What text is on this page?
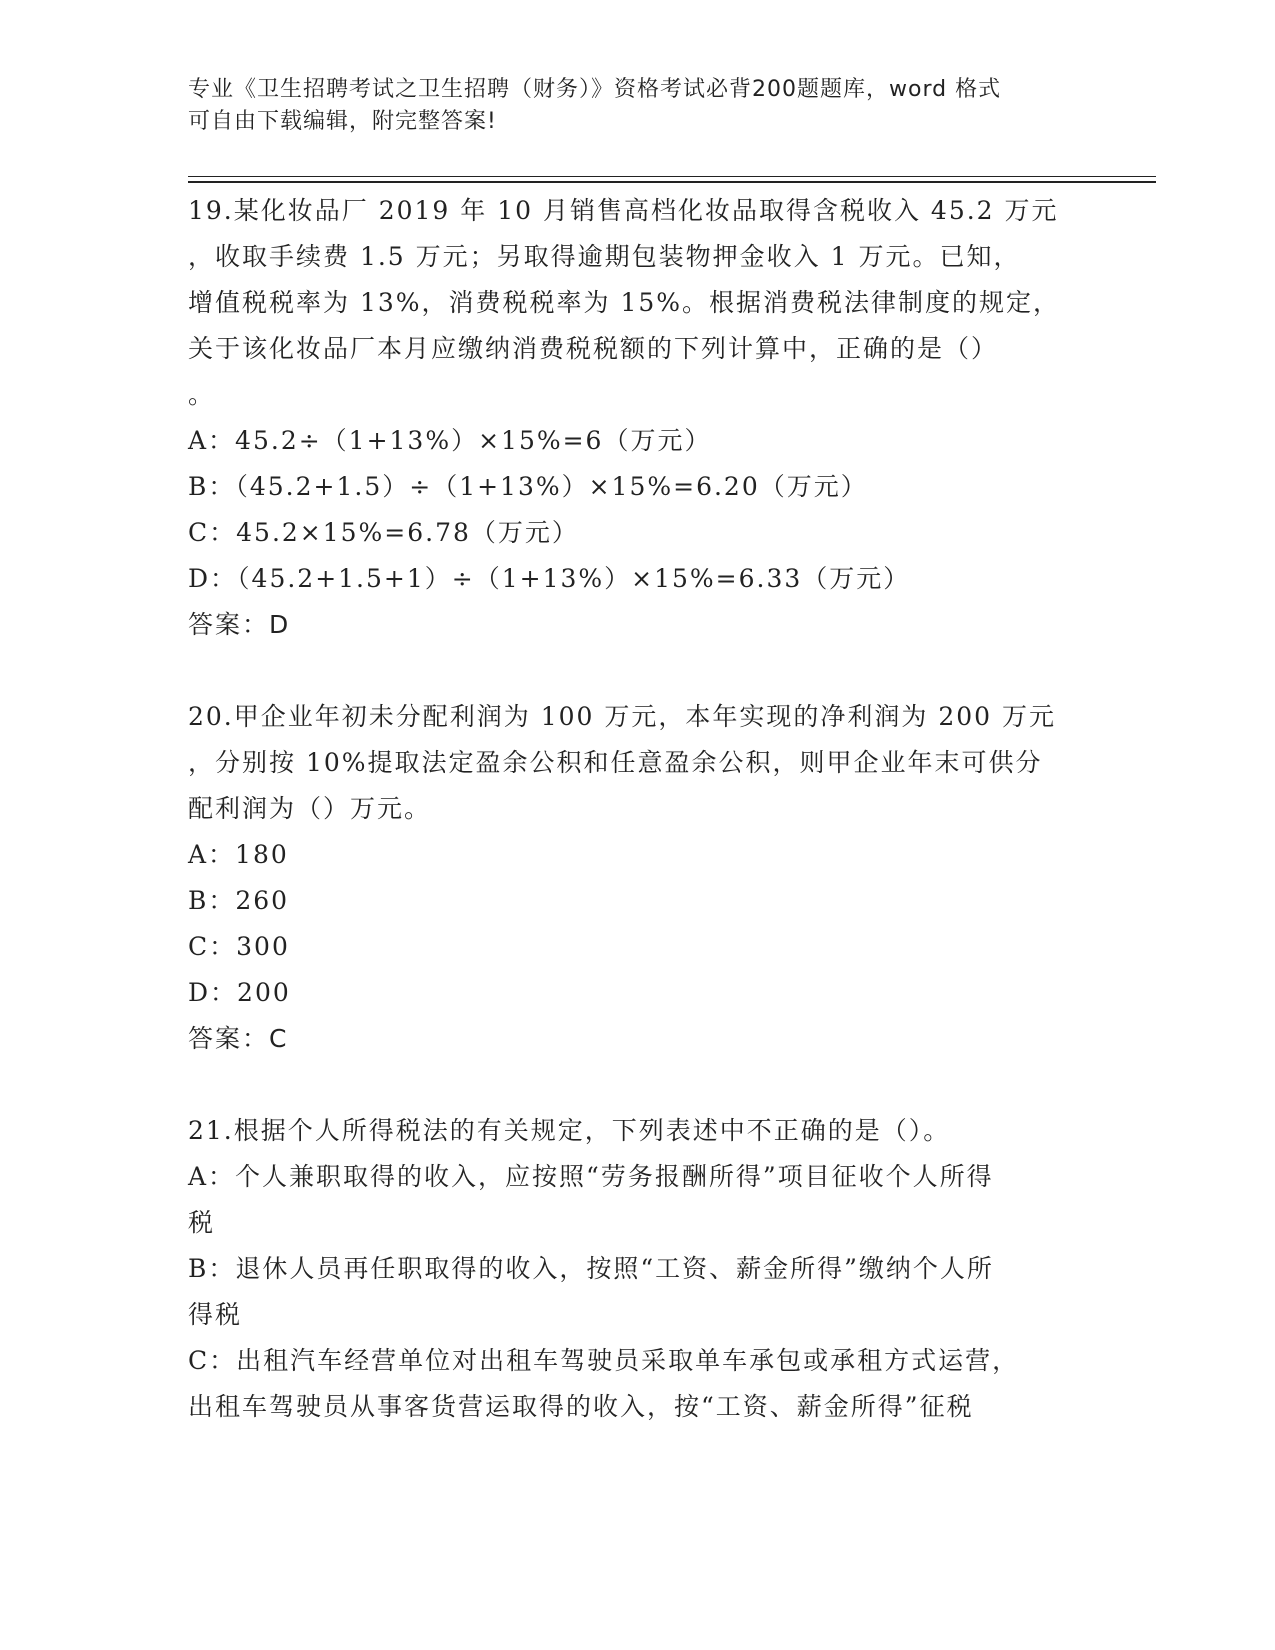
专业《卫生招聘考试之卫生招聘（财务）》资格考试必背200题题库，word 格式

可自由下载编辑，附完整答案!

19.某化妆品厂 2019 年 10 月销售高档化妆品取得含税收入 45.2 万元
，收取手续费 1.5 万元；另取得逾期包装物押金收入 1 万元。已知，
增值税税率为 13%，消费税税率为 15%。根据消费税法律制度的规定，
关于该化妆品厂本月应缴纳消费税税额的下列计算中，正确的是（）
。
A：45.2÷（1+13%）×15%=6（万元）
B：（45.2+1.5）÷（1+13%）×15%=6.20（万元）
C：45.2×15%=6.78（万元）
D：（45.2+1.5+1）÷（1+13%）×15%=6.33（万元）
答案：D
20.甲企业年初未分配利润为 100 万元，本年实现的净利润为 200 万元
，分别按 10%提取法定盈余公积和任意盈余公积，则甲企业年末可供分
配利润为（）万元。
A：180
B：260
C：300
D：200
答案：C
21.根据个人所得税法的有关规定，下列表述中不正确的是（）。
A：个人兼职取得的收入，应按照“劳务报酬所得”项目征收个人所得
税
B：退休人员再任职取得的收入，按照“工资、薪金所得”缴纳个人所
得税
C：出租汽车经营单位对出租车驾驶员采取单车承包或承租方式运营，
出租车驾驶员从事客货营运取得的收入，按“工资、薪金所得”征税
